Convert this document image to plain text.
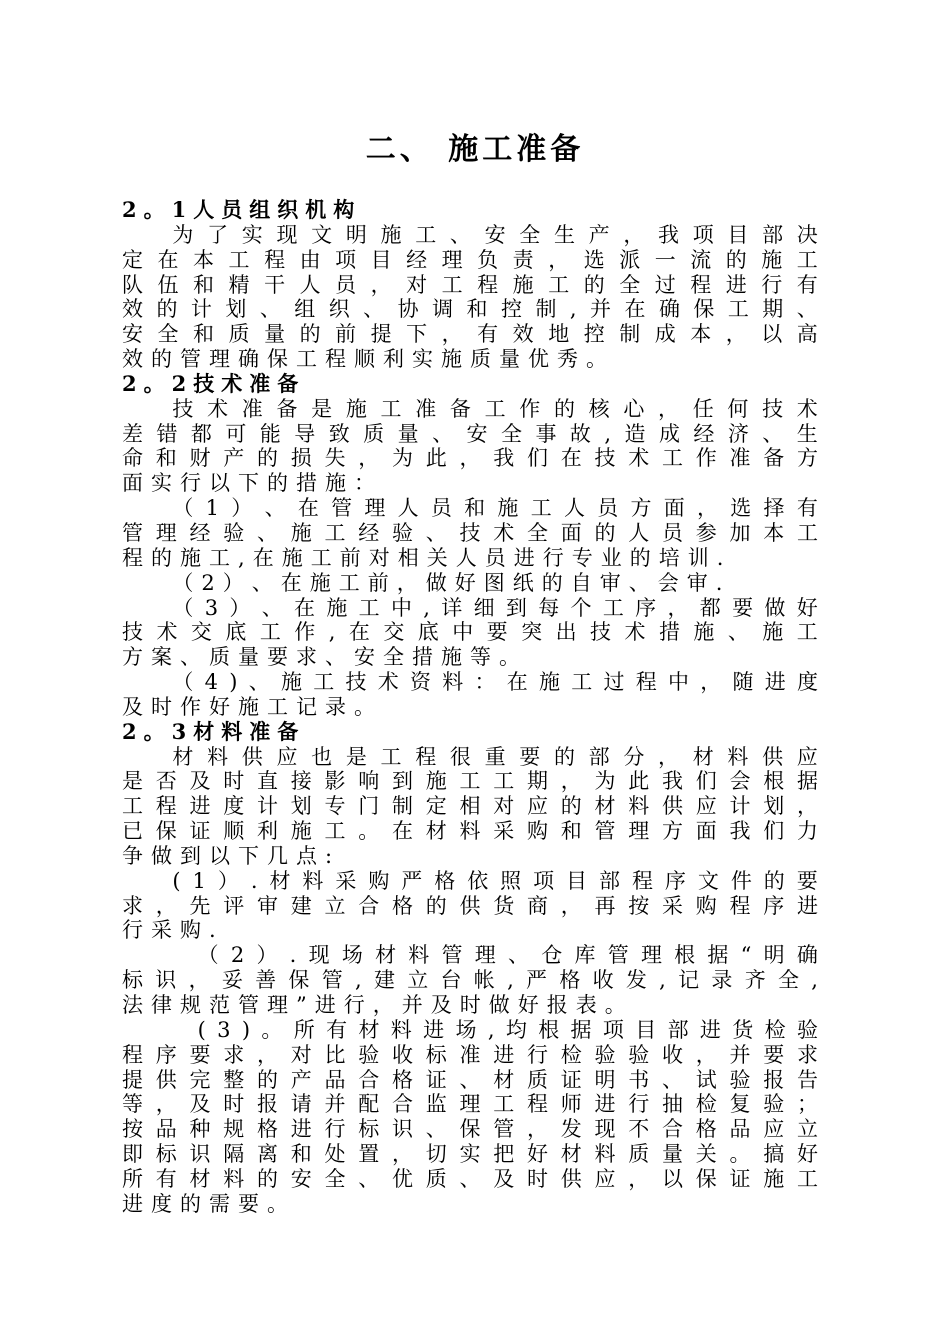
二、 施工准备
2 。 1 人 员 组 织 机 构
为 了 实 现 文 明 施 工 、 安 全 生 产 ， 我 项 目 部 决
定 在 本 工 程 由 项 目 经 理 负 责 ， 选 派 一 流 的 施 工
队 伍 和 精 干 人 员 ， 对 工 程 施 工 的 全 过 程 进 行 有
效 的 计 划 、 组 织 、 协 调 和 控 制 , 并 在 确 保 工 期 、
安 全 和 质 量 的 前 提 下 ， 有 效 地 控 制 成 本 ， 以 高
效 的 管 理 确 保 工 程 顺 利 实 施 质 量 优 秀 。
2 。 2 技 术 准 备
技 术 准 备 是 施 工 准 备 工 作 的 核 心 ， 任 何 技 术
差 错 都 可 能 导 致 质 量 、 安 全 事 故 , 造 成 经 济 、 生
命 和 财 产 的 损 失 ， 为 此 ， 我 们 在 技 术 工 作 准 备 方
面 实 行 以 下 的 措 施 ：
（ 1 ） 、 在 管 理 人 员 和 施 工 人 员 方 面 ， 选 择 有
管 理 经 验 、 施 工 经 验 、 技 术 全 面 的 人 员 参 加 本 工
程 的 施 工 , 在 施 工 前 对 相 关 人 员 进 行 专 业 的 培 训 .
（ 2 ） 、 在 施 工 前 ， 做 好 图 纸 的 自 审 、 会 审 .
（ 3 ） 、 在 施 工 中 , 详 细 到 每 个 工 序 ， 都 要 做 好
技 术 交 底 工 作 , 在 交 底 中 要 突 出 技 术 措 施 、 施 工
方 案 、 质 量 要 求 、 安 全 措 施 等 。
（ 4 ) 、 施 工 技 术 资 料 ： 在 施 工 过 程 中 ， 随 进 度
及 时 作 好 施 工 记 录 。
2 。 3 材 料 准 备
材 料 供 应 也 是 工 程 很 重 要 的 部 分 ， 材 料 供 应
是 否 及 时 直 接 影 响 到 施 工 工 期 ， 为 此 我 们 会 根 据
工 程 进 度 计 划 专 门 制 定 相 对 应 的 材 料 供 应 计 划 ，
已 保 证 顺 利 施 工 。 在 材 料 采 购 和 管 理 方 面 我 们 力
争 做 到 以 下 几 点 :
( 1 ） . 材 料 采 购 严 格 依 照 项 目 部 程 序 文 件 的 要
求 ， 先 评 审 建 立 合 格 的 供 货 商 ， 再 按 采 购 程 序 进
行 采 购 .
（ 2 ） . 现 场 材 料 管 理 、 仓 库 管 理 根 据 “ 明 确
标 识 ， 妥 善 保 管 , 建 立 台 帐 , 严 格 收 发 , 记 录 齐 全 ,
法 律 规 范 管 理 ” 进 行 ， 并 及 时 做 好 报 表 。
( 3 ) 。 所 有 材 料 进 场 , 均 根 据 项 目 部 进 货 检 验
程 序 要 求 ， 对 比 验 收 标 准 进 行 检 验 验 收 ， 并 要 求
提 供 完 整 的 产 品 合 格 证 、 材 质 证 明 书 、 试 验 报 告
等 ， 及 时 报 请 并 配 合 监 理 工 程 师 进 行 抽 检 复 验 ；
按 品 种 规 格 进 行 标 识 、 保 管 ， 发 现 不 合 格 品 应 立
即 标 识 隔 离 和 处 置 ， 切 实 把 好 材 料 质 量 关 。 搞 好
所 有 材 料 的 安 全 、 优 质 、 及 时 供 应 ， 以 保 证 施 工
进 度 的 需 要 。
